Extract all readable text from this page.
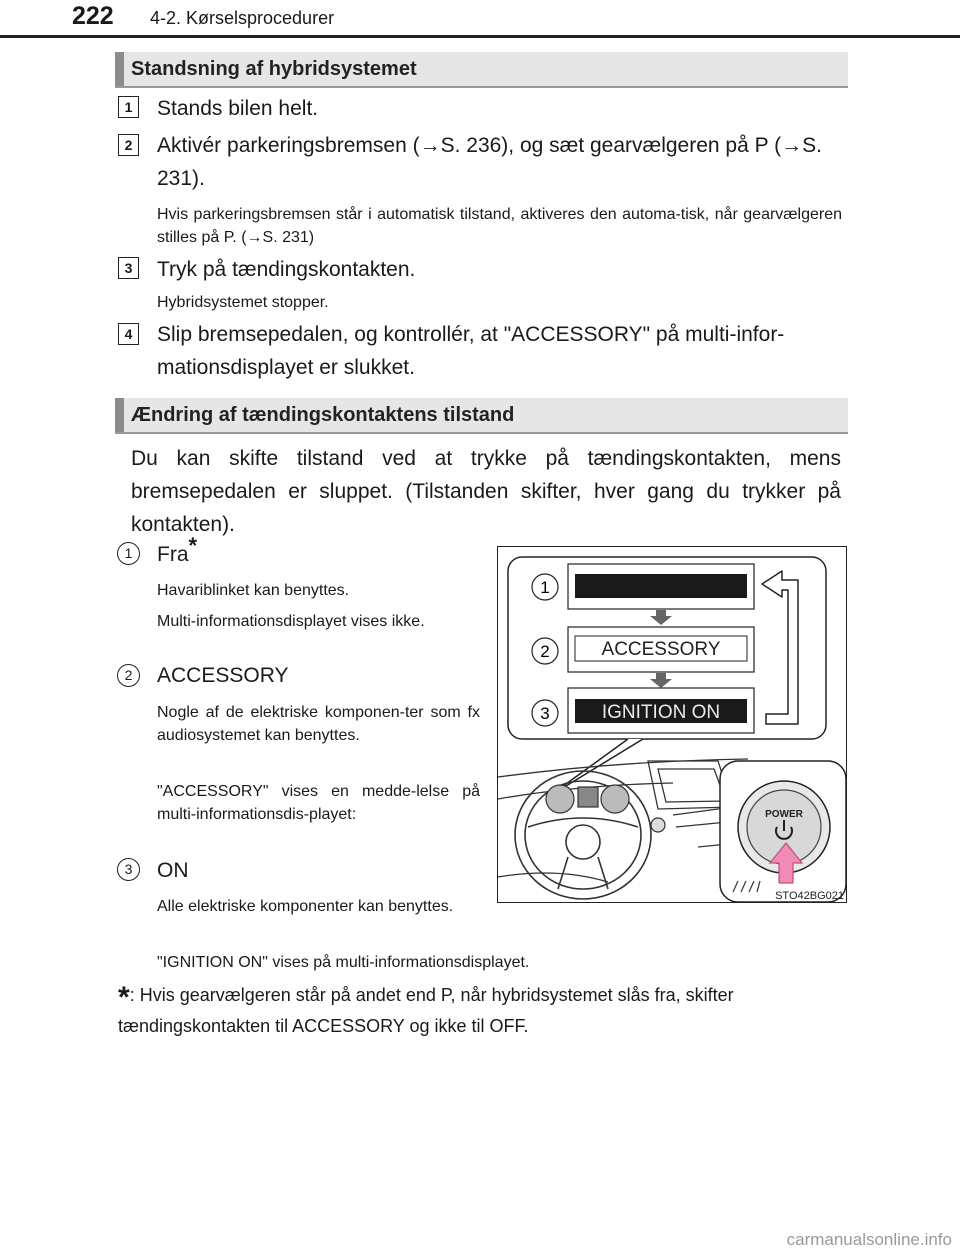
222 4-2. Kørselsprocedurer
Standsning af hybridsystemet
1	Stands bilen helt.
2	Aktivér parkeringsbremsen (→S. 236), og sæt gearvælgeren på P (→S. 231).
Hvis parkeringsbremsen står i automatisk tilstand, aktiveres den automa-tisk, når gearvælgeren stilles på P. (→S. 231)
3	Tryk på tændingskontakten.
Hybridsystemet stopper.
4	Slip bremsepedalen, og kontrollér, at "ACCESSORY" på multi-infor-mationsdisplayet er slukket.
Ændring af tændingskontaktens tilstand
Du kan skifte tilstand ved at trykke på tændingskontakten, mens bremsepedalen er sluppet. (Tilstanden skifter, hver gang du trykker på kontakten).
1	Fra*
Havariblinket kan benyttes.
Multi-informationsdisplayet vises ikke.
2	ACCESSORY
Nogle af de elektriske komponen-ter som fx audiosystemet kan benyttes.
"ACCESSORY" vises en medde-lelse på multi-informationsdis-playet:
3	ON
Alle elektriske komponenter kan benyttes.
"IGNITION ON" vises på multi-informationsdisplayet.
*: Hvis gearvælgeren står på andet end P, når hybridsystemet slås fra, skifter tændingskontakten til ACCESSORY og ikke til OFF.
1
2
3
ACCESSORY
IGNITION ON
POWER
STO42BG021
carmanualsonline.info
